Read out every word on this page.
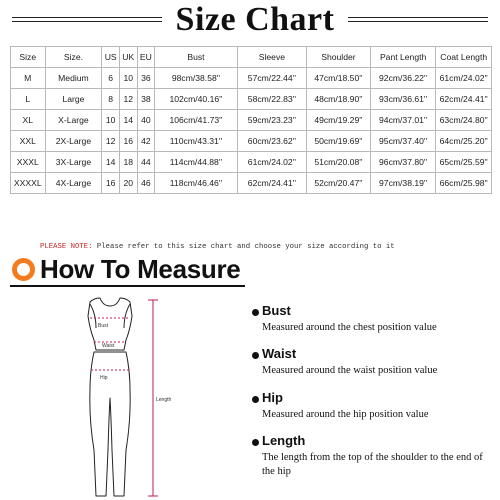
Size Chart
Size	Size.	US	UK	EU	Bust	Sleeve	Shoulder	Pant Length	Coat Length
M	Medium	6	10	36	98cm/38.58''	57cm/22.44''	47cm/18.50''	92cm/36.22''	61cm/24.02''
L	Large	8	12	38	102cm/40.16''	58cm/22.83''	48cm/18.90''	93cm/36.61''	62cm/24.41''
XL	X-Large	10	14	40	106cm/41.73''	59cm/23.23''	49cm/19.29''	94cm/37.01''	63cm/24.80''
XXL	2X-Large	12	16	42	110cm/43.31''	60cm/23.62''	50cm/19.69''	95cm/37.40''	64cm/25.20''
XXXL	3X-Large	14	18	44	114cm/44.88''	61cm/24.02''	51cm/20.08''	96cm/37.80''	65cm/25.59''
XXXXL	4X-Large	16	20	46	118cm/46.46''	62cm/24.41''	52cm/20.47''	97cm/38.19''	66cm/25.98''
PLEASE NOTE: Please refer to this size chart and choose your size according to it
How To Measure
Bust
Waist
Hip
Length
Bust
Measured around the chest position value
Waist
Measured around the waist position value
Hip
Measured around the hip position value
Length
The length from the top of the shoulder to the end of the hip
